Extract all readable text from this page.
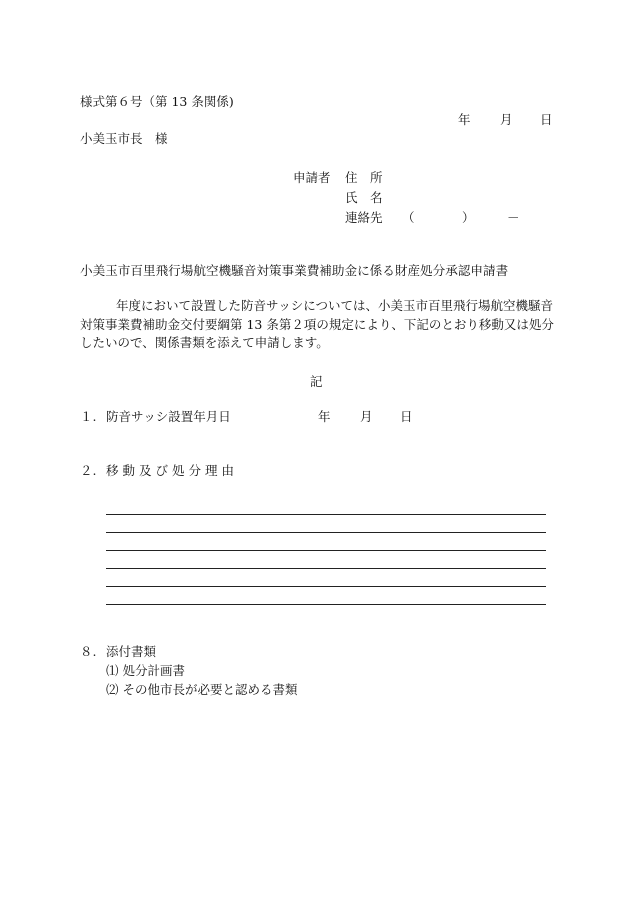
様式第６号（第 13 条関係)
年 月 日
小美玉市長　様
申請者 住　所
氏　名
連絡先 （	）	－
小美玉市百里飛行場航空機騒音対策事業費補助金に係る財産処分承認申請書
年度において設置した防音サッシについては、小美玉市百里飛行場航空機騒音対策事業費補助金交付要綱第 13 条第２項の規定により、下記のとおり移動又は処分したいので、関係書類を添えて申請します。
記
１. 防音サッシ設置年月日	年 月 日
２. 移動及び処分理由
８. 添付書類
⑴ 処分計画書
⑵ その他市長が必要と認める書類
